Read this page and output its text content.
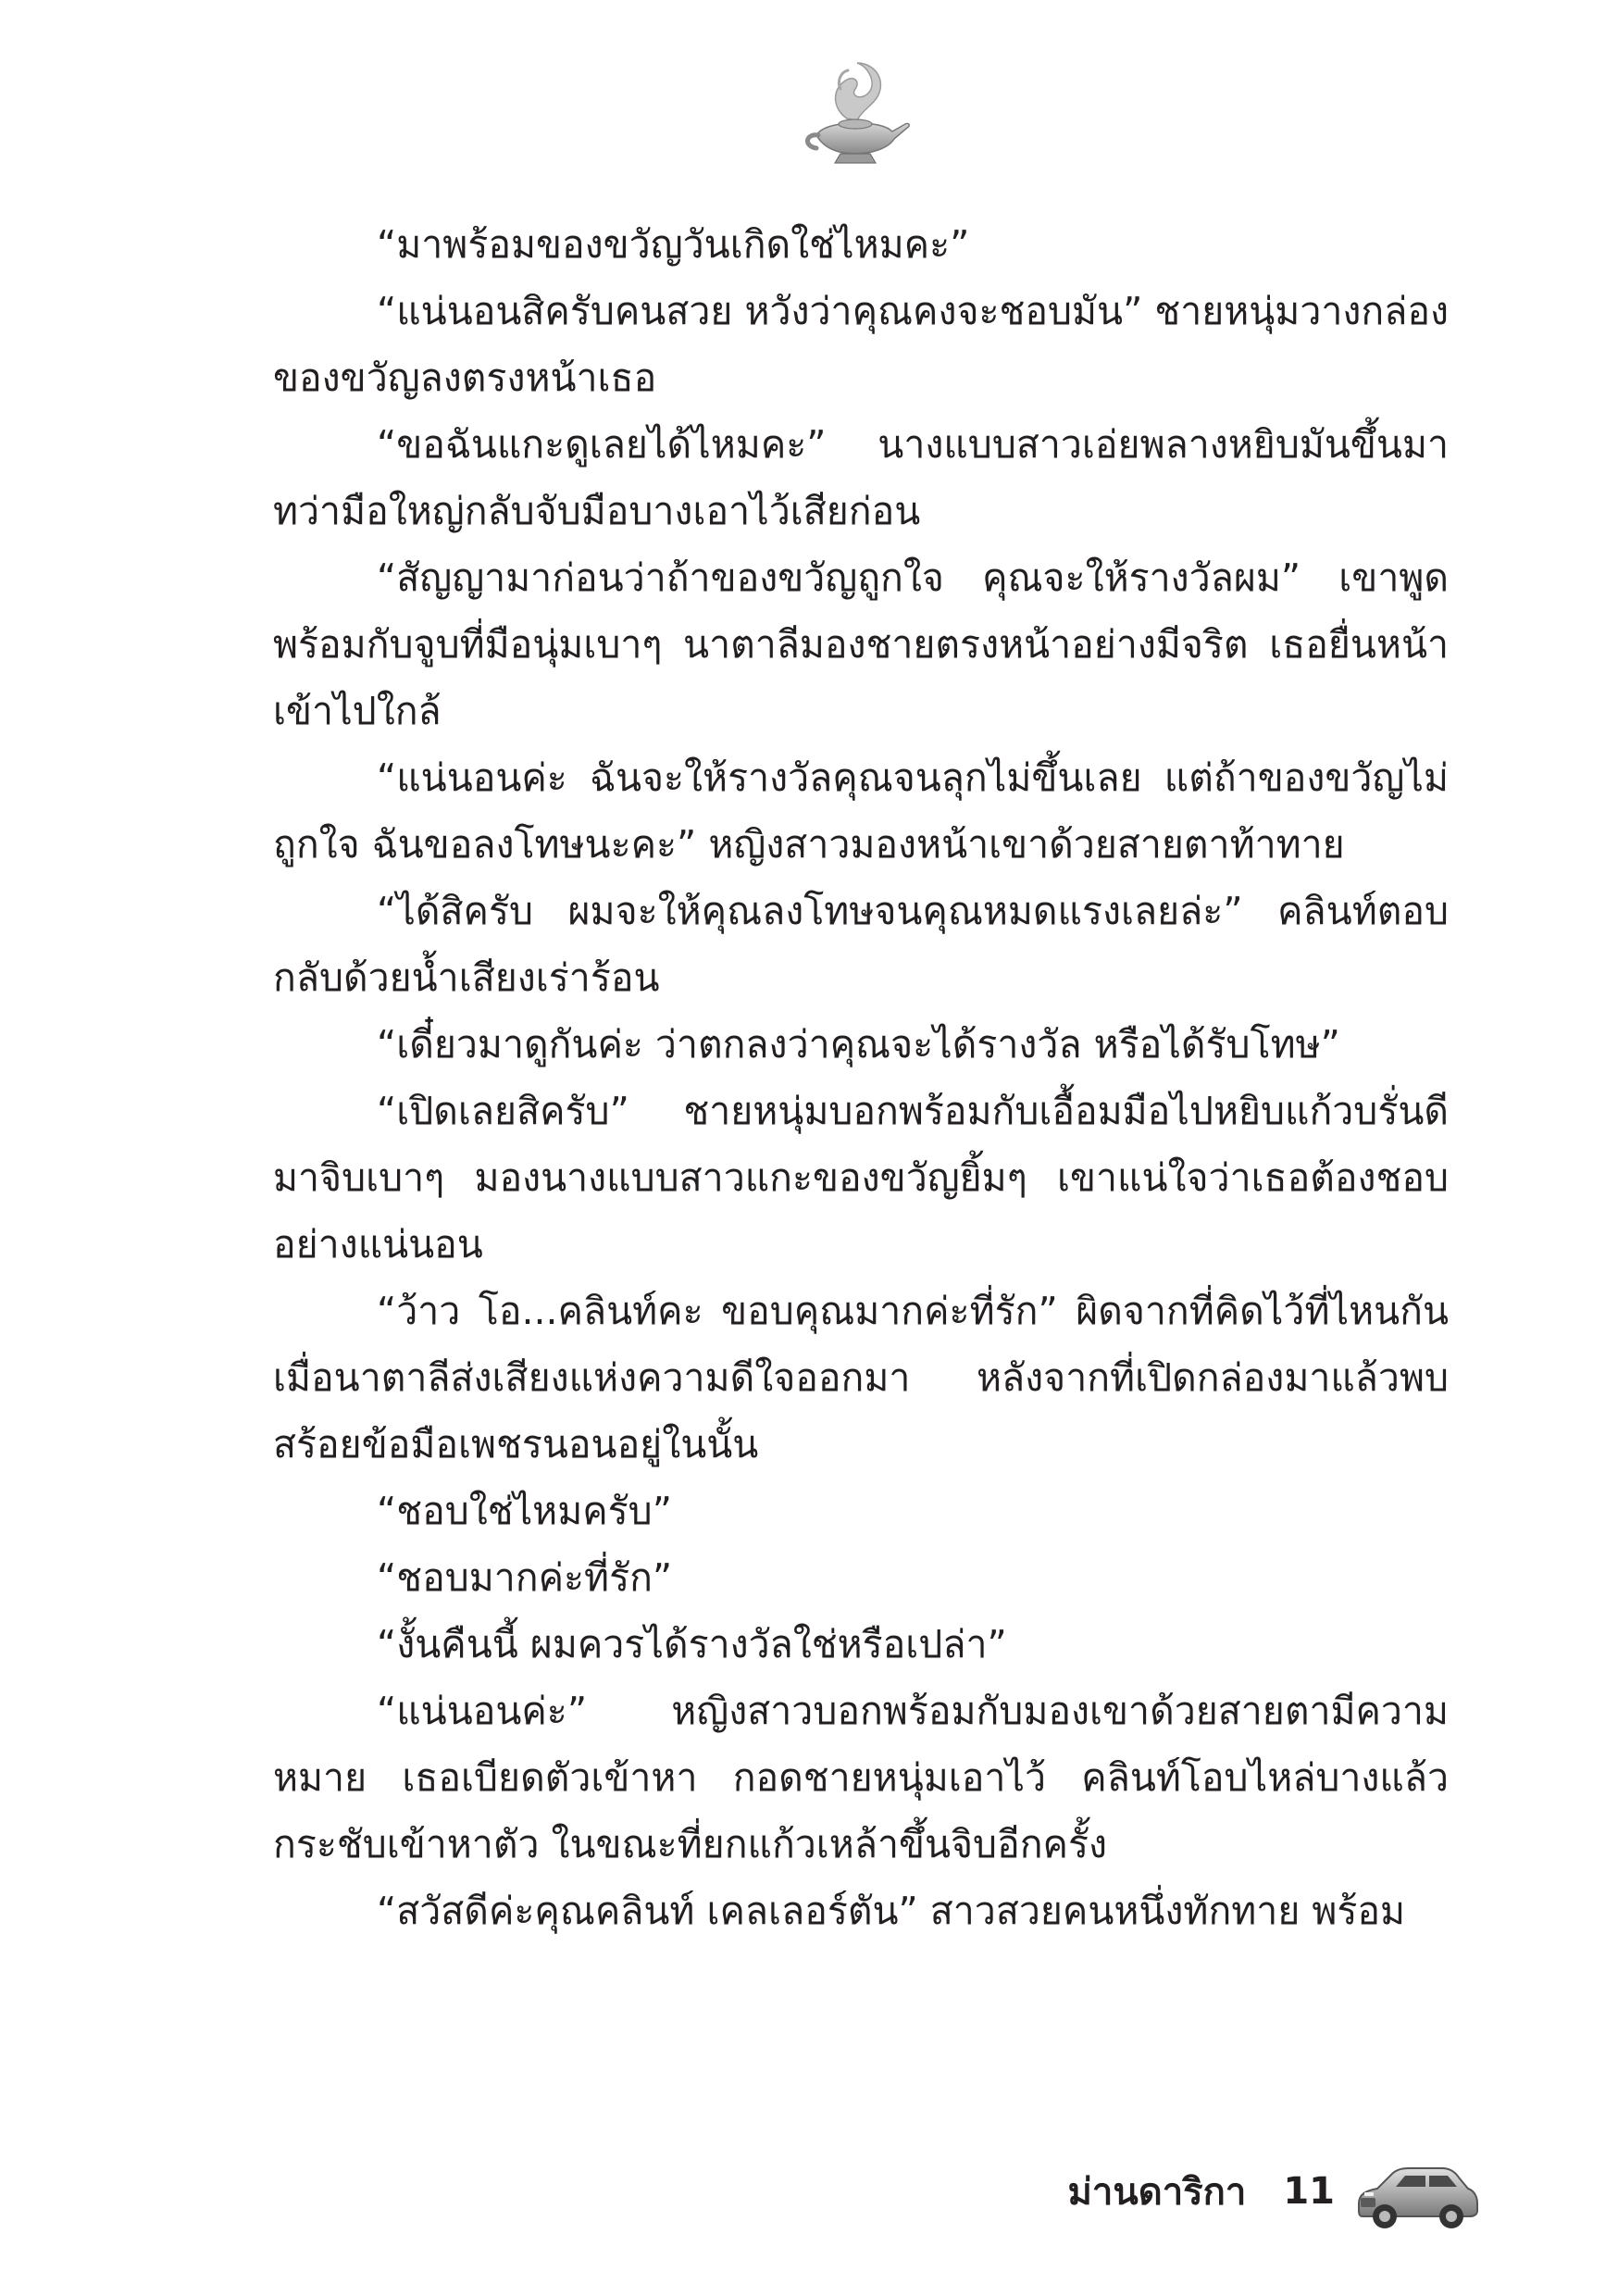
“มาพร้อมของขวัญวันเกิดใช่ไหมคะ”

“แน่นอนสิครับคนสวย หวังว่าคุณคงจะชอบมัน” ชายหนุ่มวางกล่องของขวัญลงตรงหน้าเธอ

“ขอฉันแกะดูเลยได้ไหมคะ” นางแบบสาวเอ่ยพลางหยิบมันขึ้นมา ทว่ามือใหญ่กลับจับมือบางเอาไว้เสียก่อน

“สัญญามาก่อนว่าถ้าของขวัญถูกใจ คุณจะให้รางวัลผม” เขาพูดพร้อมกับจูบที่มือนุ่มเบาๆ นาตาลีมองชายตรงหน้าอย่างมีจริต เธอยื่นหน้าเข้าไปใกล้

“แน่นอนค่ะ ฉันจะให้รางวัลคุณจนลุกไม่ขึ้นเลย แต่ถ้าของขวัญไม่ถูกใจ ฉันขอลงโทษนะคะ” หญิงสาวมองหน้าเขาด้วยสายตาท้าทาย

“ได้สิครับ ผมจะให้คุณลงโทษจนคุณหมดแรงเลยล่ะ” คลินท์ตอบกลับด้วยน้ำเสียงเร่าร้อน

“เดี๋ยวมาดูกันค่ะ ว่าตกลงว่าคุณจะได้รางวัล หรือได้รับโทษ”

“เปิดเลยสิครับ” ชายหนุ่มบอกพร้อมกับเอื้อมมือไปหยิบแก้วบรั่นดีมาจิบเบาๆ มองนางแบบสาวแกะของขวัญยิ้มๆ เขาแน่ใจว่าเธอต้องชอบอย่างแน่นอน

“ว้าว โอ...คลินท์คะ ขอบคุณมากค่ะที่รัก” ผิดจากที่คิดไว้ที่ไหนกัน เมื่อนาตาลีส่งเสียงแห่งความดีใจออกมา หลังจากที่เปิดกล่องมาแล้วพบสร้อยข้อมือเพชรนอนอยู่ในนั้น

“ชอบใช่ไหมครับ”

“ชอบมากค่ะที่รัก”

“งั้นคืนนี้ ผมควรได้รางวัลใช่หรือเปล่า”

“แน่นอนค่ะ” หญิงสาวบอกพร้อมกับมองเขาด้วยสายตามีความหมาย เธอเบียดตัวเข้าหา กอดชายหนุ่มเอาไว้ คลินท์โอบไหล่บางแล้วกระชับเข้าหาตัว ในขณะที่ยกแก้วเหล้าขึ้นจิบอีกครั้ง

“สวัสดีค่ะคุณคลินท์ เคลเลอร์ตัน” สาวสวยคนหนึ่งทักทาย พร้อม

ม่านดาริกา 11
